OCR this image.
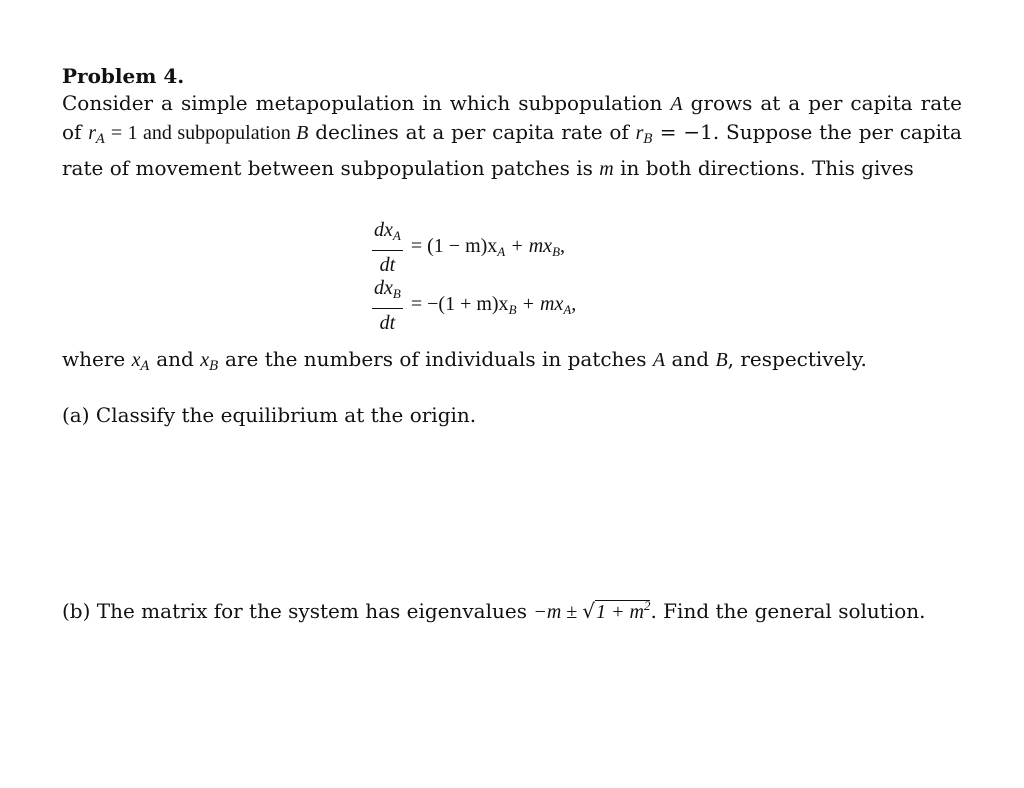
Problem 4.

Consider a simple metapopulation in which subpopulation A grows at a per capita rate of $r_A = 1$ and subpopulation B declines at a per capita rate of $r_B = -1$. Suppose the per capita rate of movement between subpopulation patches is m in both directions. This gives

$\frac{dx_A}{dt} = (1 - m)x_A + mx_B$,
$\frac{dx_B}{dt} = -(1 + m)x_B + mx_A$,

where $x_A$ and $x_B$ are the numbers of individuals in patches A and B, respectively.

(a) Classify the equilibrium at the origin.

(b) The matrix for the system has eigenvalues $-m \pm √1 + m^2$. Find the general solution.
